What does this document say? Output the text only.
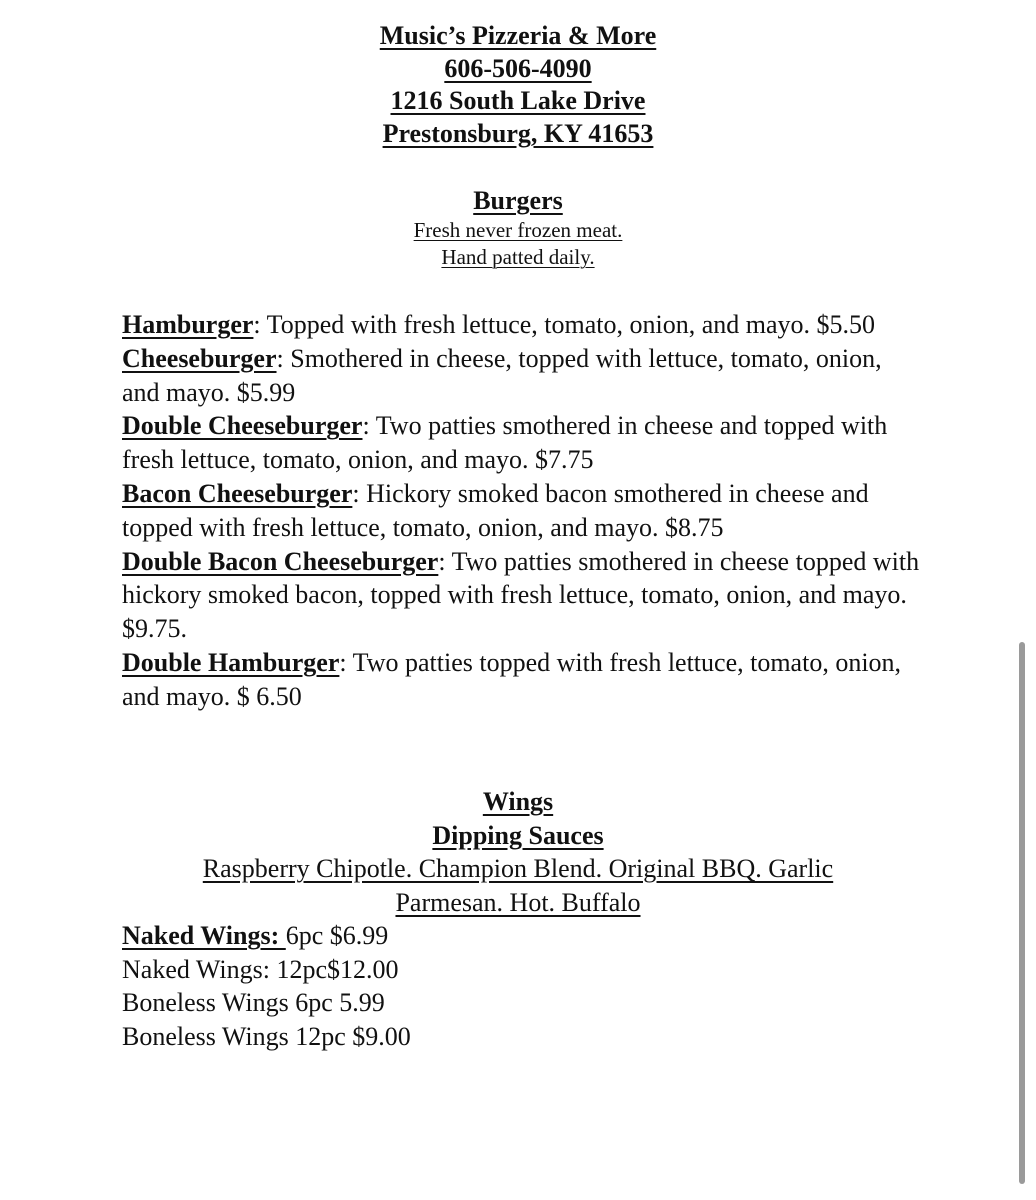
Music’s Pizzeria & More
606-506-4090
1216 South Lake Drive
Prestonsburg, KY 41653
Burgers
Fresh never frozen meat.
Hand patted daily.

Hamburger: Topped with fresh lettuce, tomato, onion, and mayo. $5.50

Cheeseburger: Smothered in cheese, topped with lettuce, tomato, onion, and mayo. $5.99

Double Cheeseburger: Two patties smothered in cheese and topped with fresh lettuce, tomato, onion, and mayo. $7.75

Bacon Cheeseburger: Hickory smoked bacon smothered in cheese and topped with fresh lettuce, tomato, onion, and mayo. $8.75

Double Bacon Cheeseburger: Two patties smothered in cheese topped with hickory smoked bacon, topped with fresh lettuce, tomato, onion, and mayo. $9.75.

Double Hamburger: Two patties topped with fresh lettuce, tomato, onion, and mayo. $ 6.50

Wings
Dipping Sauces
Raspberry Chipotle. Champion Blend. Original BBQ. Garlic
Parmesan. Hot. Buffalo
Naked Wings: 6pc $6.99
Naked Wings: 12pc$12.00
Boneless Wings 6pc 5.99
Boneless Wings 12pc $9.00
